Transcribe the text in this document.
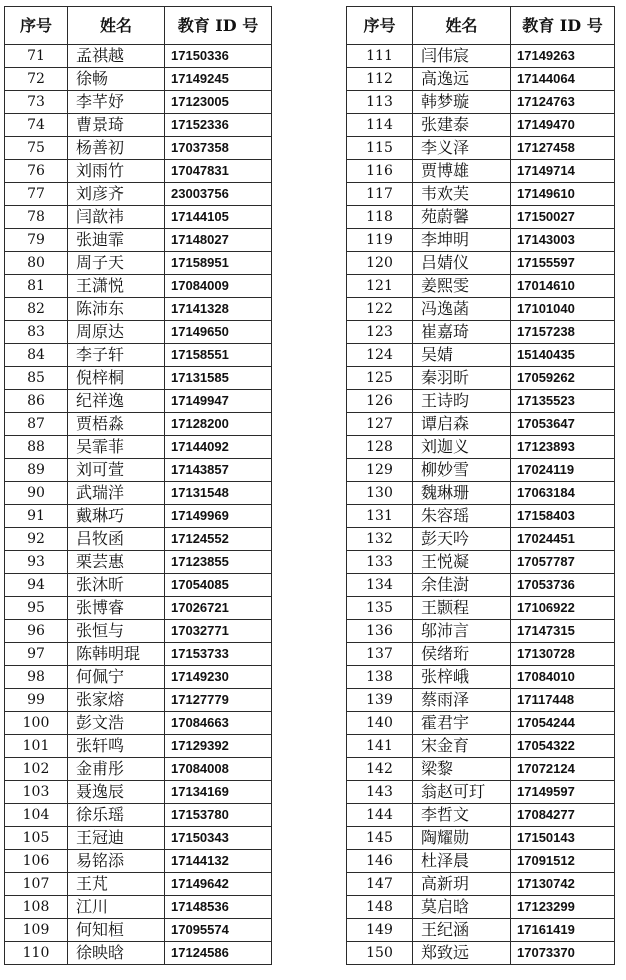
序号	姓名	教育 ID 号
71	孟祺越	17150336
72	徐畅	17149245
73	李芊妤	17123005
74	曹景琦	17152336
75	杨善初	17037358
76	刘雨竹	17047831
77	刘彦齐	23003756
78	闫歆祎	17144105
79	张迪霏	17148027
80	周子天	17158951
81	王潇悦	17084009
82	陈沛东	17141328
83	周原达	17149650
84	李子轩	17158551
85	倪梓桐	17131585
86	纪祥逸	17149947
87	贾梧淼	17128200
88	吴霏菲	17144092
89	刘可萱	17143857
90	武瑞洋	17131548
91	戴琳巧	17149969
92	吕牧函	17124552
93	栗芸惠	17123855
94	张沐昕	17054085
95	张博睿	17026721
96	张恒与	17032771
97	陈韩明琨	17153733
98	何佩宁	17149230
99	张家熔	17127779
100	彭文浩	17084663
101	张轩鸣	17129392
102	金甫彤	17084008
103	聂逸辰	17134169
104	徐乐瑶	17153780
105	王冠迪	17150343
106	易铭添	17144132
107	王芃	17149642
108	江川	17148536
109	何知桓	17095574
110	徐映晗	17124586
序号	姓名	教育 ID 号
111	闫伟宸	17149263
112	高逸远	17144064
113	韩梦璇	17124763
114	张建泰	17149470
115	李义泽	17127458
116	贾博雄	17149714
117	韦欢芙	17149610
118	苑蔚馨	17150027
119	李坤明	17143003
120	吕婧仪	17155597
121	姜熙雯	17014610
122	冯逸菡	17101040
123	崔嘉琦	17157238
124	吴婧	15140435
125	秦羽昕	17059262
126	王诗昀	17135523
127	谭启森	17053647
128	刘迦义	17123893
129	柳妙雪	17024119
130	魏琳珊	17063184
131	朱容瑶	17158403
132	彭天吟	17024451
133	王悦凝	17057787
134	余佳澍	17053736
135	王颢程	17106922
136	邬沛言	17147315
137	侯绪珩	17130728
138	张梓峨	17084010
139	蔡雨泽	17117448
140	霍君宇	17054244
141	宋金育	17054322
142	梁黎	17072124
143	翁赵可玎	17149597
144	李哲文	17084277
145	陶耀勋	17150143
146	杜泽晨	17091512
147	高新玥	17130742
148	莫启晗	17123299
149	王纪涵	17161419
150	郑致远	17073370
